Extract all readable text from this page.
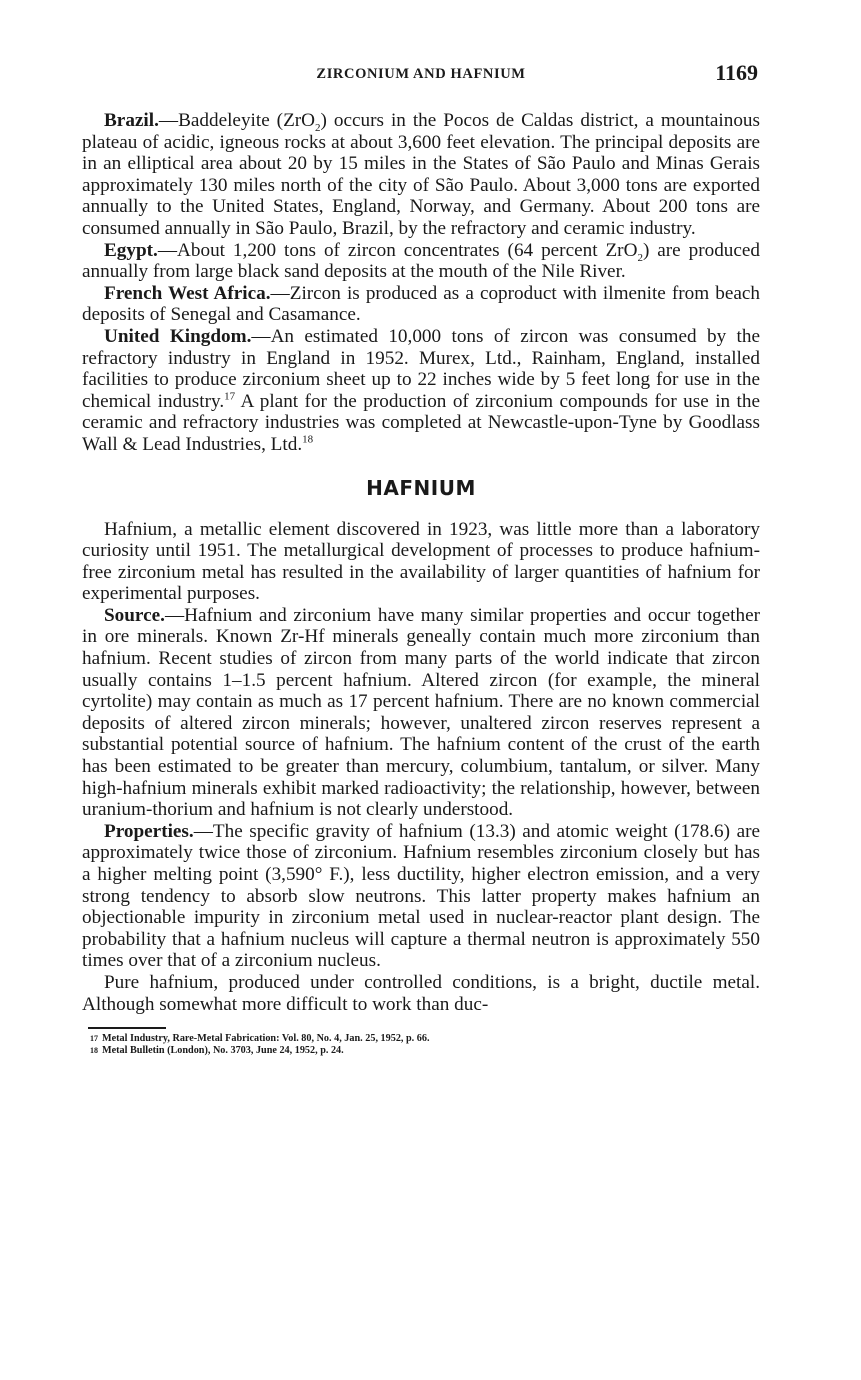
ZIRCONIUM AND HAFNIUM	1169

Brazil.—Baddeleyite (ZrO$_2$) occurs in the Pocos de Caldas district, a mountainous plateau of acidic, igneous rocks at about 3,600 feet elevation. The principal deposits are in an elliptical area about 20 by 15 miles in the States of São Paulo and Minas Gerais approximately 130 miles north of the city of São Paulo. About 3,000 tons are exported annually to the United States, England, Norway, and Germany. About 200 tons are consumed annually in São Paulo, Brazil, by the refractory and ceramic industry.

Egypt.—About 1,200 tons of zircon concentrates (64 percent ZrO$_2$) are produced annually from large black sand deposits at the mouth of the Nile River.

French West Africa.—Zircon is produced as a coproduct with ilmenite from beach deposits of Senegal and Casamance.

United Kingdom.—An estimated 10,000 tons of zircon was consumed by the refractory industry in England in 1952. Murex, Ltd., Rainham, England, installed facilities to produce zirconium sheet up to 22 inches wide by 5 feet long for use in the chemical industry.$^{17}$ A plant for the production of zirconium compounds for use in the ceramic and refractory industries was completed at Newcastle-upon-Tyne by Goodlass Wall & Lead Industries, Ltd.$^{18}$

HAFNIUM

Hafnium, a metallic element discovered in 1923, was little more than a laboratory curiosity until 1951. The metallurgical development of processes to produce hafnium-free zirconium metal has resulted in the availability of larger quantities of hafnium for experimental purposes.

Source.—Hafnium and zirconium have many similar properties and occur together in ore minerals. Known Zr-Hf minerals geneally contain much more zirconium than hafnium. Recent studies of zircon from many parts of the world indicate that zircon usually contains 1–1.5 percent hafnium. Altered zircon (for example, the mineral cyrtolite) may contain as much as 17 percent hafnium. There are no known commercial deposits of altered zircon minerals; however, unaltered zircon reserves represent a substantial potential source of hafnium. The hafnium content of the crust of the earth has been estimated to be greater than mercury, columbium, tantalum, or silver. Many high-hafnium minerals exhibit marked radioactivity; the relationship, however, between uranium-thorium and hafnium is not clearly understood.

Properties.—The specific gravity of hafnium (13.3) and atomic weight (178.6) are approximately twice those of zirconium. Hafnium resembles zirconium closely but has a higher melting point (3,590° F.), less ductility, higher electron emission, and a very strong tendency to absorb slow neutrons. This latter property makes hafnium an objectionable impurity in zirconium metal used in nuclear-reactor plant design. The probability that a hafnium nucleus will capture a thermal neutron is approximately 550 times over that of a zirconium nucleus.

Pure hafnium, produced under controlled conditions, is a bright, ductile metal. Although somewhat more difficult to work than duc-

17 Metal Industry, Rare-Metal Fabrication: Vol. 80, No. 4, Jan. 25, 1952, p. 66.
18 Metal Bulletin (London), No. 3703, June 24, 1952, p. 24.
